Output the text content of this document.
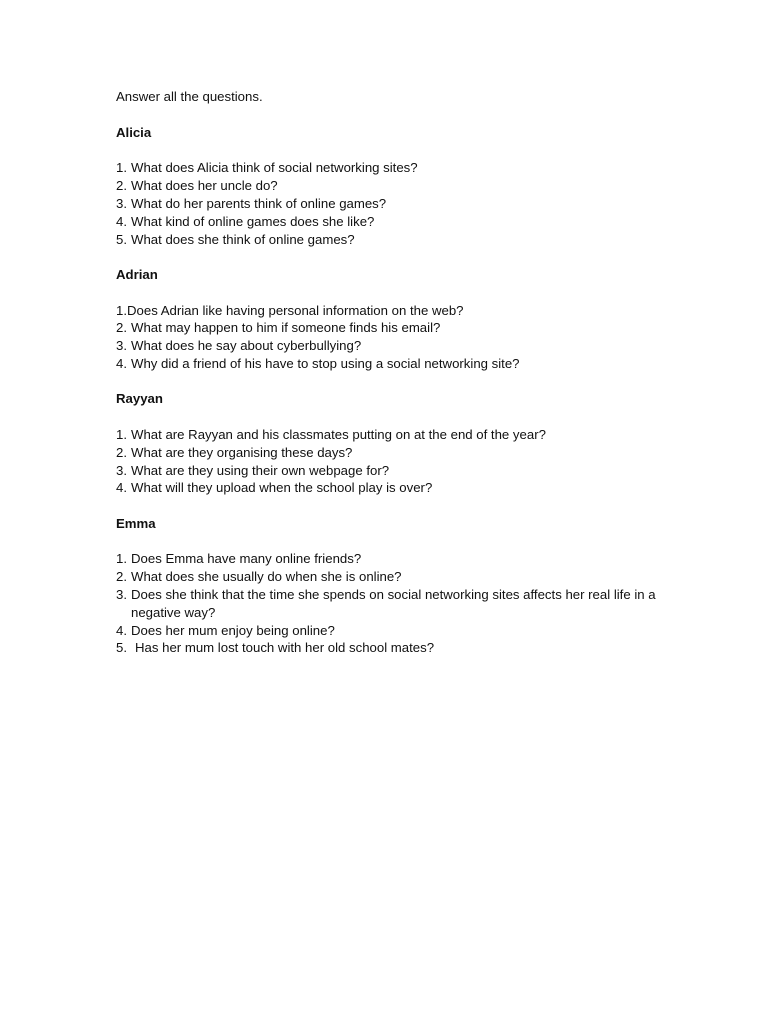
Answer all the questions.

Alicia
1. What does Alicia think of social networking sites?
2. What does her uncle do?
3. What do her parents think of online games?
4. What kind of online games does she like?
5. What does she think of online games?
Adrian
1. Does Adrian like having personal information on the web?
2. What may happen to him if someone finds his email?
3. What does he say about cyberbullying?
4. Why did a friend of his have to stop using a social networking site?
Rayyan
1. What are Rayyan and his classmates putting on at the end of the year?
2. What are they organising these days?
3. What are they using their own webpage for?
4. What will they upload when the school play is over?
Emma
1. Does Emma have many online friends?
2. What does she usually do when she is online?
3. Does she think that the time she spends on social networking sites affects her real life in a negative way?
4. Does her mum enjoy being online?
5. Has her mum lost touch with her old school mates?
